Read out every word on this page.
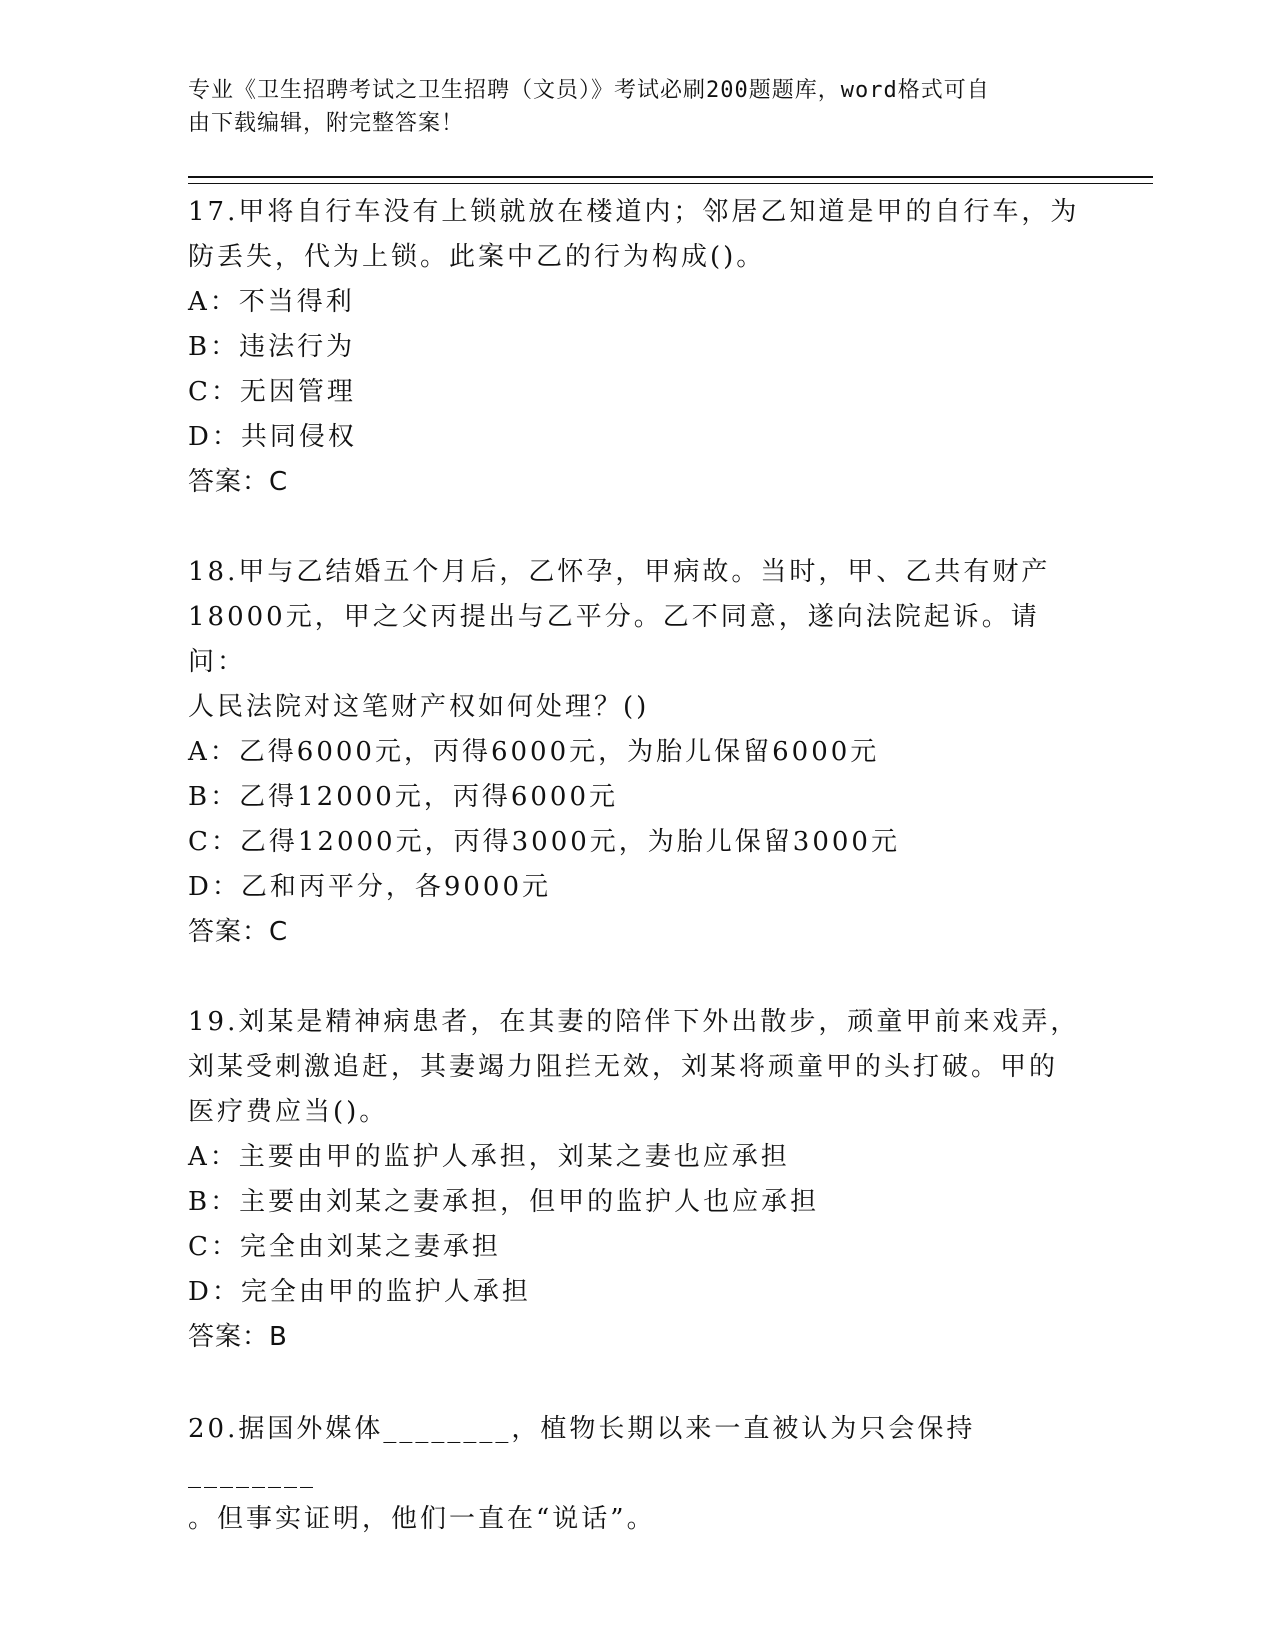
专业《卫生招聘考试之卫生招聘（文员）》考试必刷200题题库，word格式可自
由下载编辑，附完整答案！
17.甲将自行车没有上锁就放在楼道内；邻居乙知道是甲的自行车，为
防丢失，代为上锁。此案中乙的行为构成()。
A：不当得利
B：违法行为
C：无因管理
D：共同侵权
答案：C
18.甲与乙结婚五个月后，乙怀孕，甲病故。当时，甲、乙共有财产
18000元，甲之父丙提出与乙平分。乙不同意，遂向法院起诉。请问：
人民法院对这笔财产权如何处理？()
A：乙得6000元，丙得6000元，为胎儿保留6000元
B：乙得12000元，丙得6000元
C：乙得12000元，丙得3000元，为胎儿保留3000元
D：乙和丙平分，各9000元
答案：C
19.刘某是精神病患者，在其妻的陪伴下外出散步，顽童甲前来戏弄，
刘某受刺激追赶，其妻竭力阻拦无效，刘某将顽童甲的头打破。甲的
医疗费应当()。
A：主要由甲的监护人承担，刘某之妻也应承担
B：主要由刘某之妻承担，但甲的监护人也应承担
C：完全由刘某之妻承担
D：完全由甲的监护人承担
答案：B
20.据国外媒体________，植物长期以来一直被认为只会保持________
。但事实证明，他们一直在“说话”。
